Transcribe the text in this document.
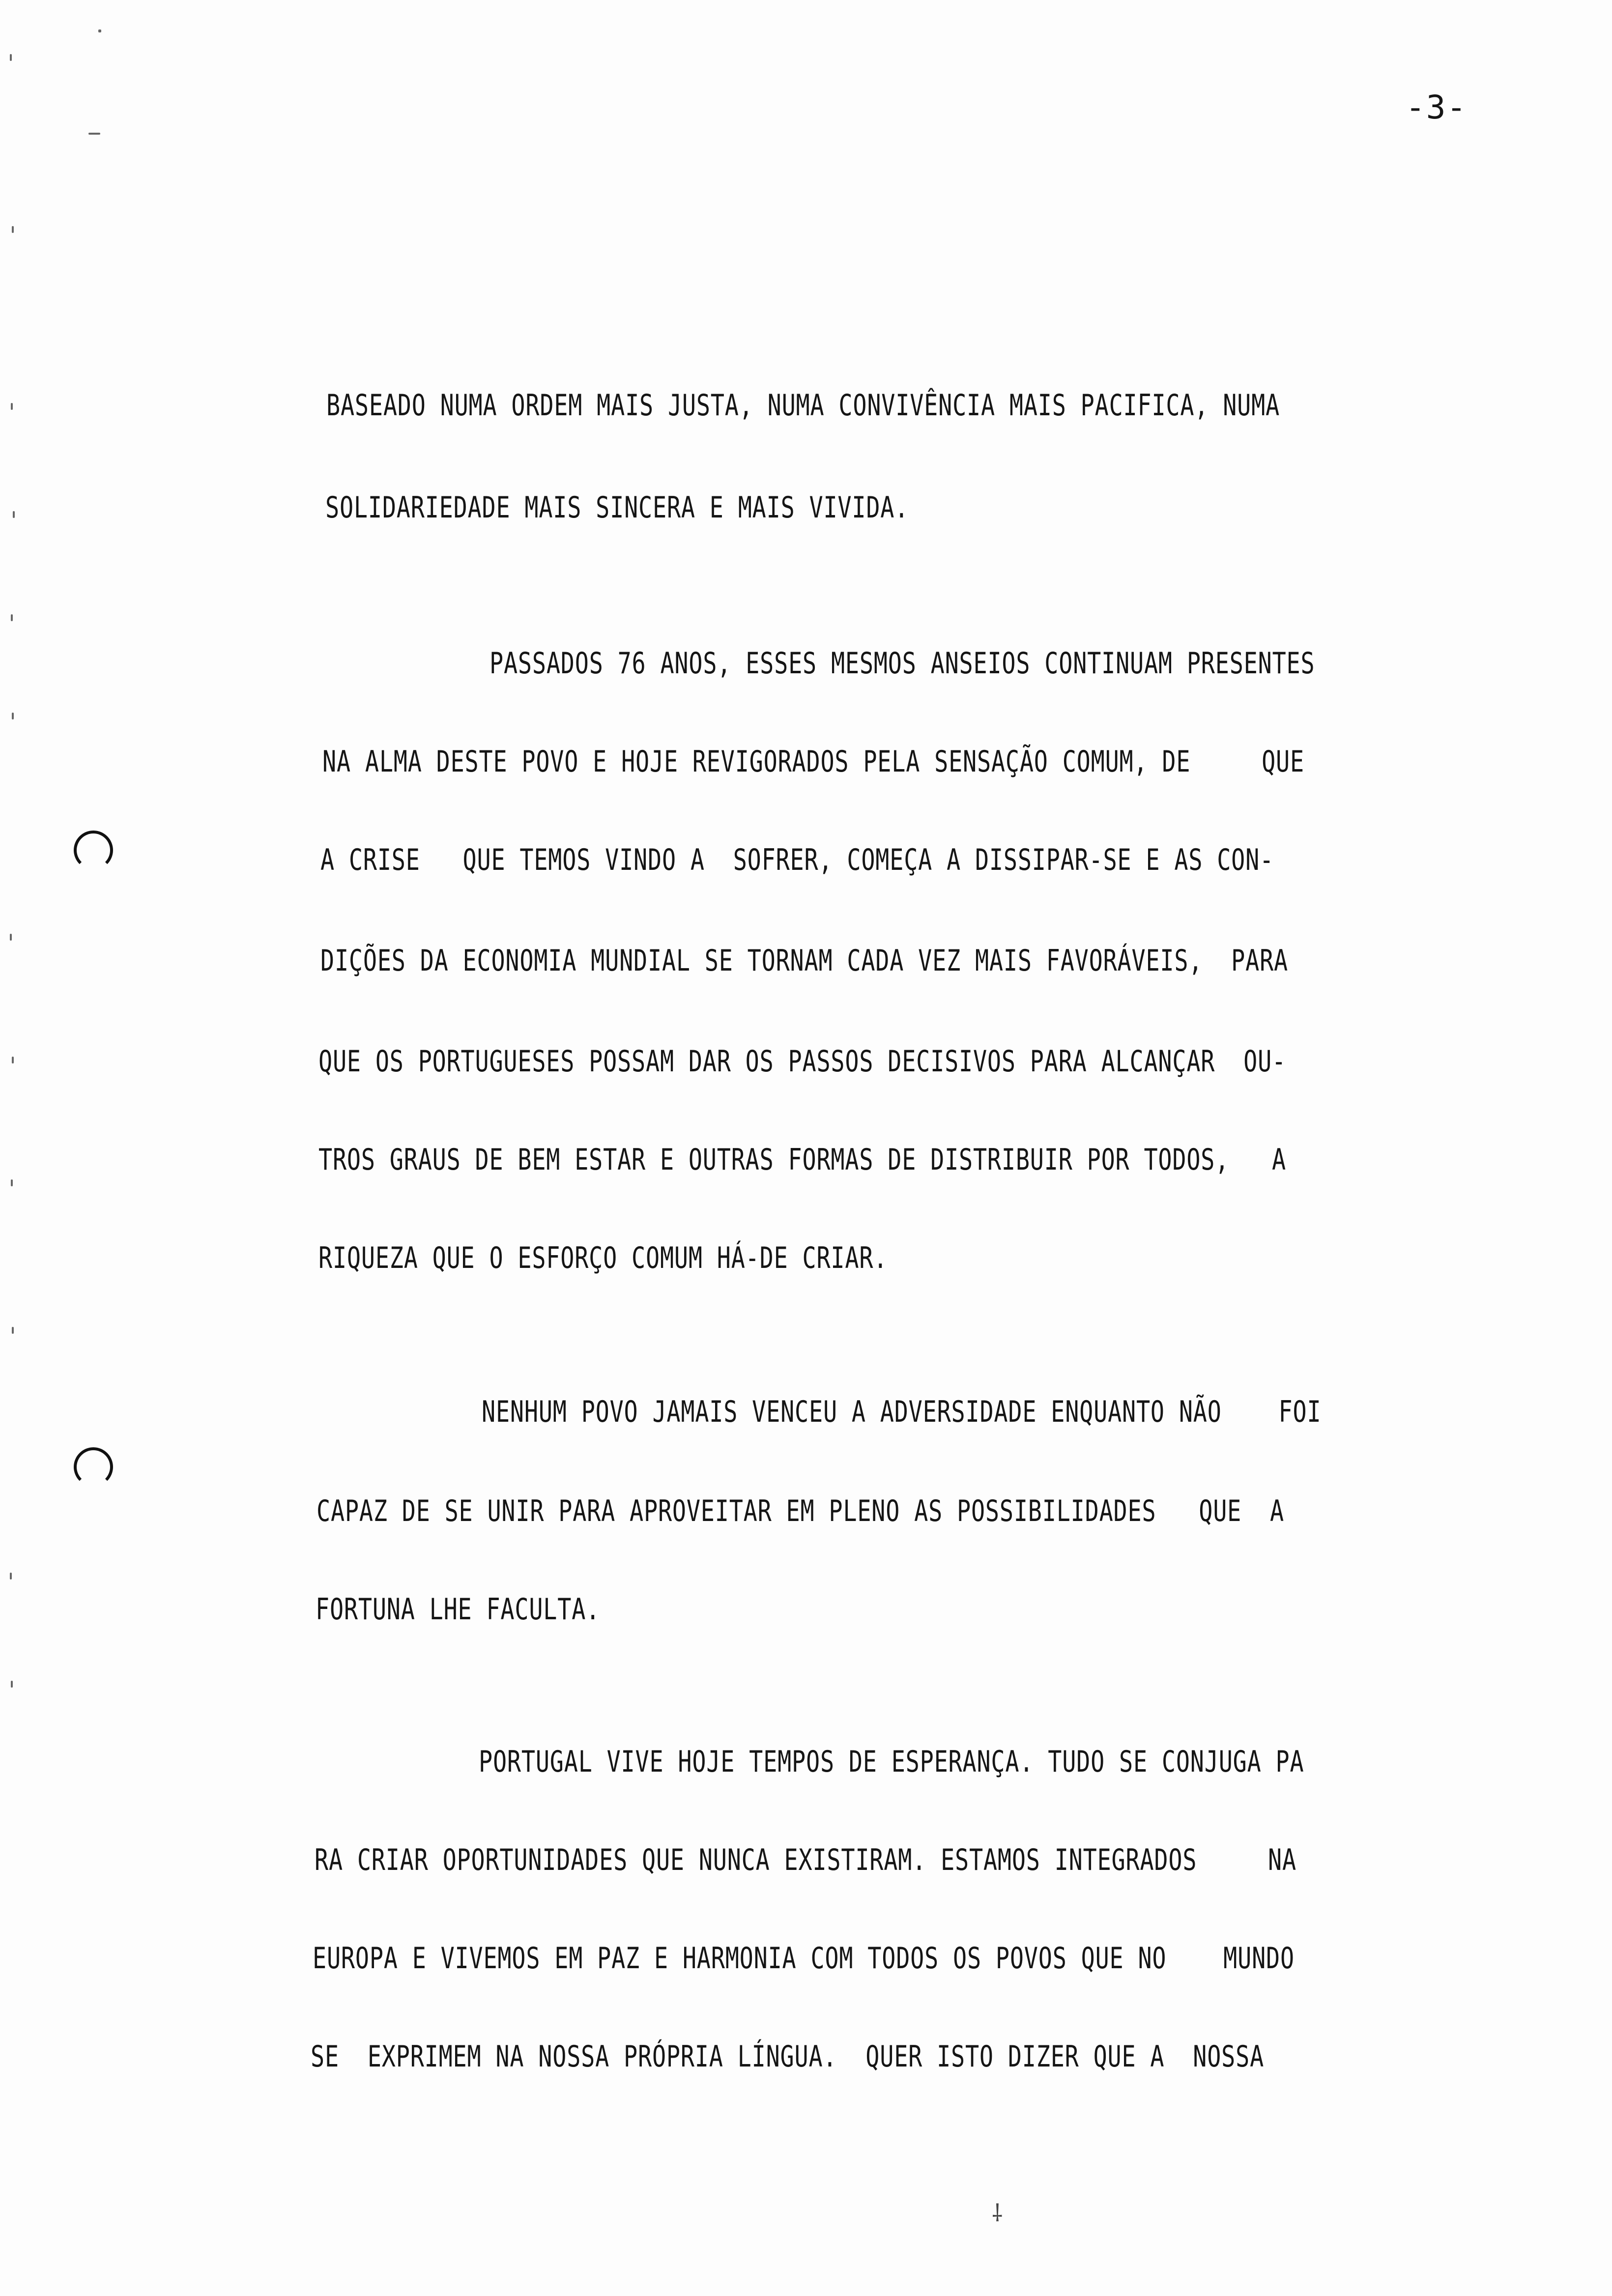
-3-
BASEADO NUMA ORDEM MAIS JUSTA, NUMA CONVIVÊNCIA MAIS PACIFICA, NUMA
SOLIDARIEDADE MAIS SINCERA E MAIS VIVIDA.
PASSADOS 76 ANOS, ESSES MESMOS ANSEIOS CONTINUAM PRESENTES
NA ALMA DESTE POVO E HOJE REVIGORADOS PELA SENSAÇÃO COMUM, DE     QUE
A CRISE   QUE TEMOS VINDO A  SOFRER, COMEÇA A DISSIPAR-SE E AS CON-
DIÇÕES DA ECONOMIA MUNDIAL SE TORNAM CADA VEZ MAIS FAVORÁVEIS,  PARA
QUE OS PORTUGUESES POSSAM DAR OS PASSOS DECISIVOS PARA ALCANÇAR  OU-
TROS GRAUS DE BEM ESTAR E OUTRAS FORMAS DE DISTRIBUIR POR TODOS,   A
RIQUEZA QUE O ESFORÇO COMUM HÁ-DE CRIAR.
NENHUM POVO JAMAIS VENCEU A ADVERSIDADE ENQUANTO NÃO    FOI
CAPAZ DE SE UNIR PARA APROVEITAR EM PLENO AS POSSIBILIDADES   QUE  A
FORTUNA LHE FACULTA.
PORTUGAL VIVE HOJE TEMPOS DE ESPERANÇA. TUDO SE CONJUGA PA
RA CRIAR OPORTUNIDADES QUE NUNCA EXISTIRAM. ESTAMOS INTEGRADOS     NA
EUROPA E VIVEMOS EM PAZ E HARMONIA COM TODOS OS POVOS QUE NO    MUNDO
SE  EXPRIMEM NA NOSSA PRÓPRIA LÍNGUA.  QUER ISTO DIZER QUE A  NOSSA
⸸
